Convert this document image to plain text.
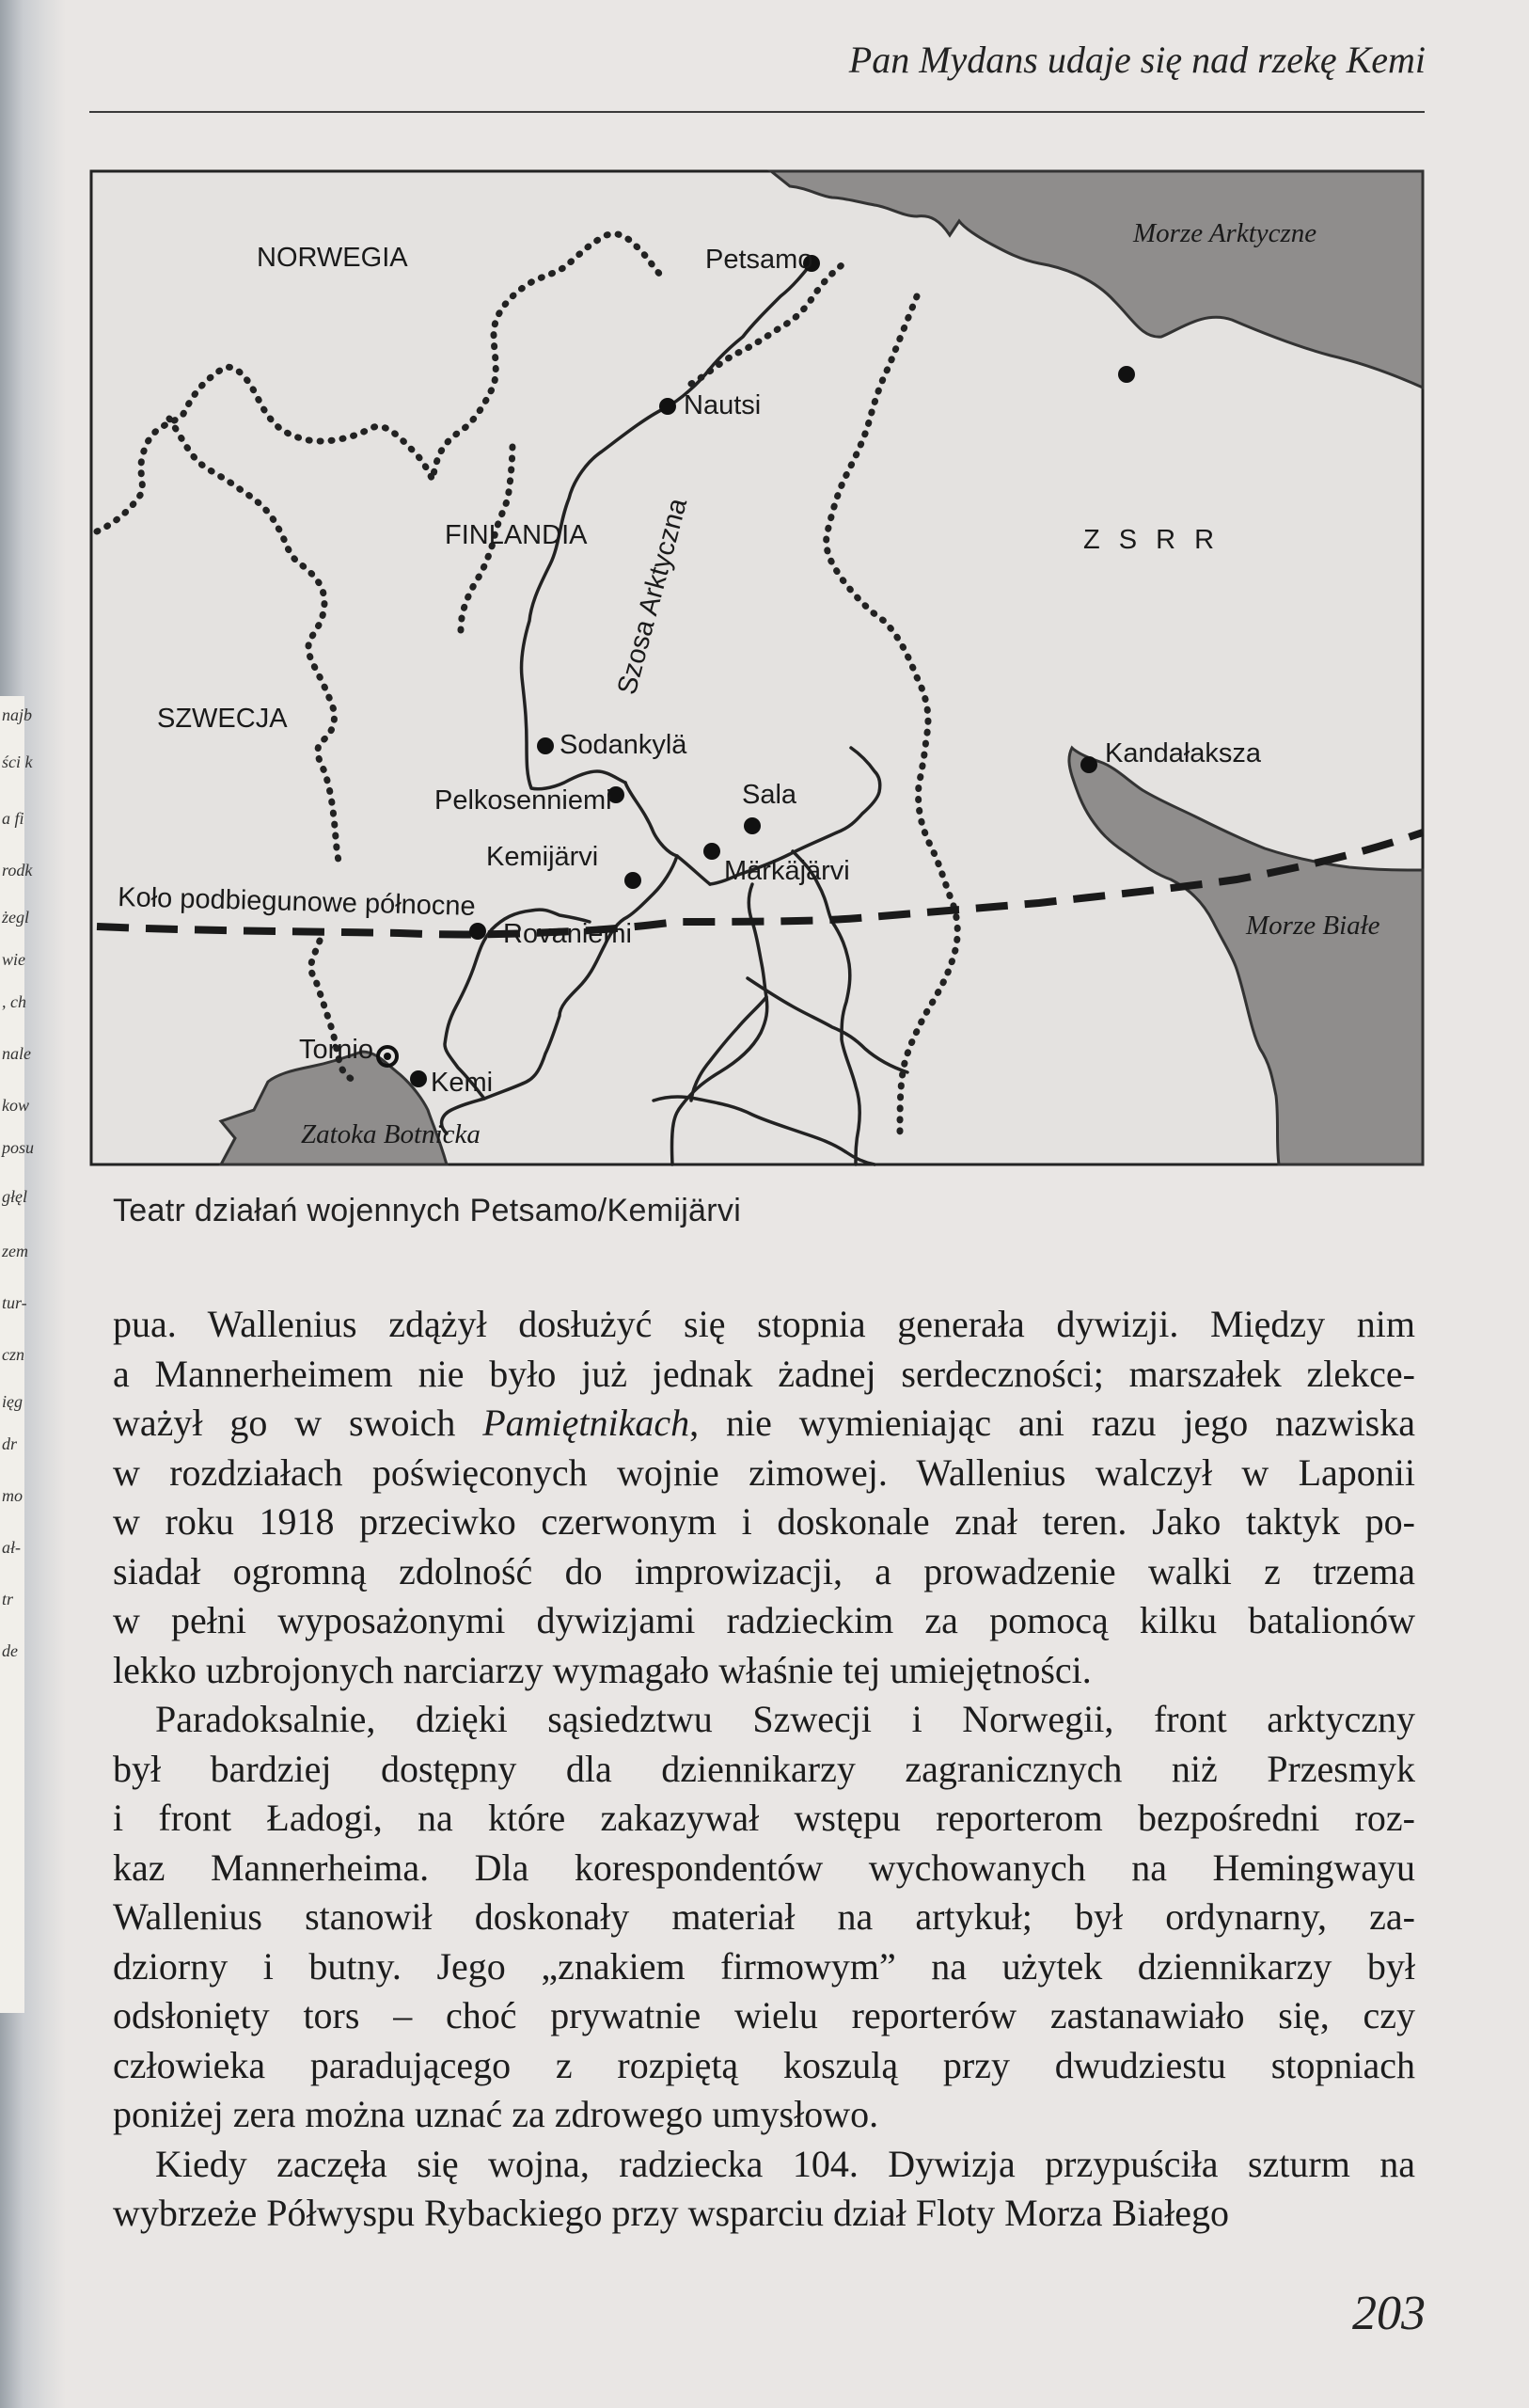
najb
ści k
a fi
rodk
żegl
wie
, ch
nale
kow
posu
głęl
zem
tur-
czn
ięg
dr
mo
ał-
tr
de
Pan Mydans udaje się nad rzekę Kemi
NORWEGIA
FINLANDIA
SZWECJA
Z S R R
Petsamo
Nautsi
Sodankylä
Pelkosenniemi	Sala
Kemijärvi	Märkäjärvi
Rovaniemi
Kandałaksza
Tornio
Kemi
Koło podbiegunowe północne
Szosa Arktyczna
Morze Arktyczne
Morze Białe
Zatoka Botnicka
Teatr działań wojennych Petsamo/Kemijärvi

pua. Wallenius zdążył dosłużyć się stopnia generała dywizji. Między nim

a Mannerheimem nie było już jednak żadnej serdeczności; marszałek zlekce-

ważył go w swoich Pamiętnikach, nie wymieniając ani razu jego nazwiska

w rozdziałach poświęconych wojnie zimowej. Wallenius walczył w Laponii

w roku 1918 przeciwko czerwonym i doskonale znał teren. Jako taktyk po-

siadał ogromną zdolność do improwizacji, a prowadzenie walki z trzema

w pełni wyposażonymi dywizjami radzieckim za pomocą kilku batalionów

lekko uzbrojonych narciarzy wymagało właśnie tej umiejętności.

Paradoksalnie, dzięki sąsiedztwu Szwecji i Norwegii, front arktyczny

był bardziej dostępny dla dziennikarzy zagranicznych niż Przesmyk

i front Ładogi, na które zakazywał wstępu reporterom bezpośredni roz-

kaz Mannerheima. Dla korespondentów wychowanych na Hemingwayu

Wallenius stanowił doskonały materiał na artykuł; był ordynarny, za-

dziorny i butny. Jego „znakiem firmowym” na użytek dziennikarzy był

odsłonięty tors – choć prywatnie wielu reporterów zastanawiało się, czy

człowieka paradującego z rozpiętą koszulą przy dwudziestu stopniach

poniżej zera można uznać za zdrowego umysłowo.

Kiedy zaczęła się wojna, radziecka 104. Dywizja przypuściła szturm na

wybrzeże Półwyspu Rybackiego przy wsparciu dział Floty Morza Białego

203
